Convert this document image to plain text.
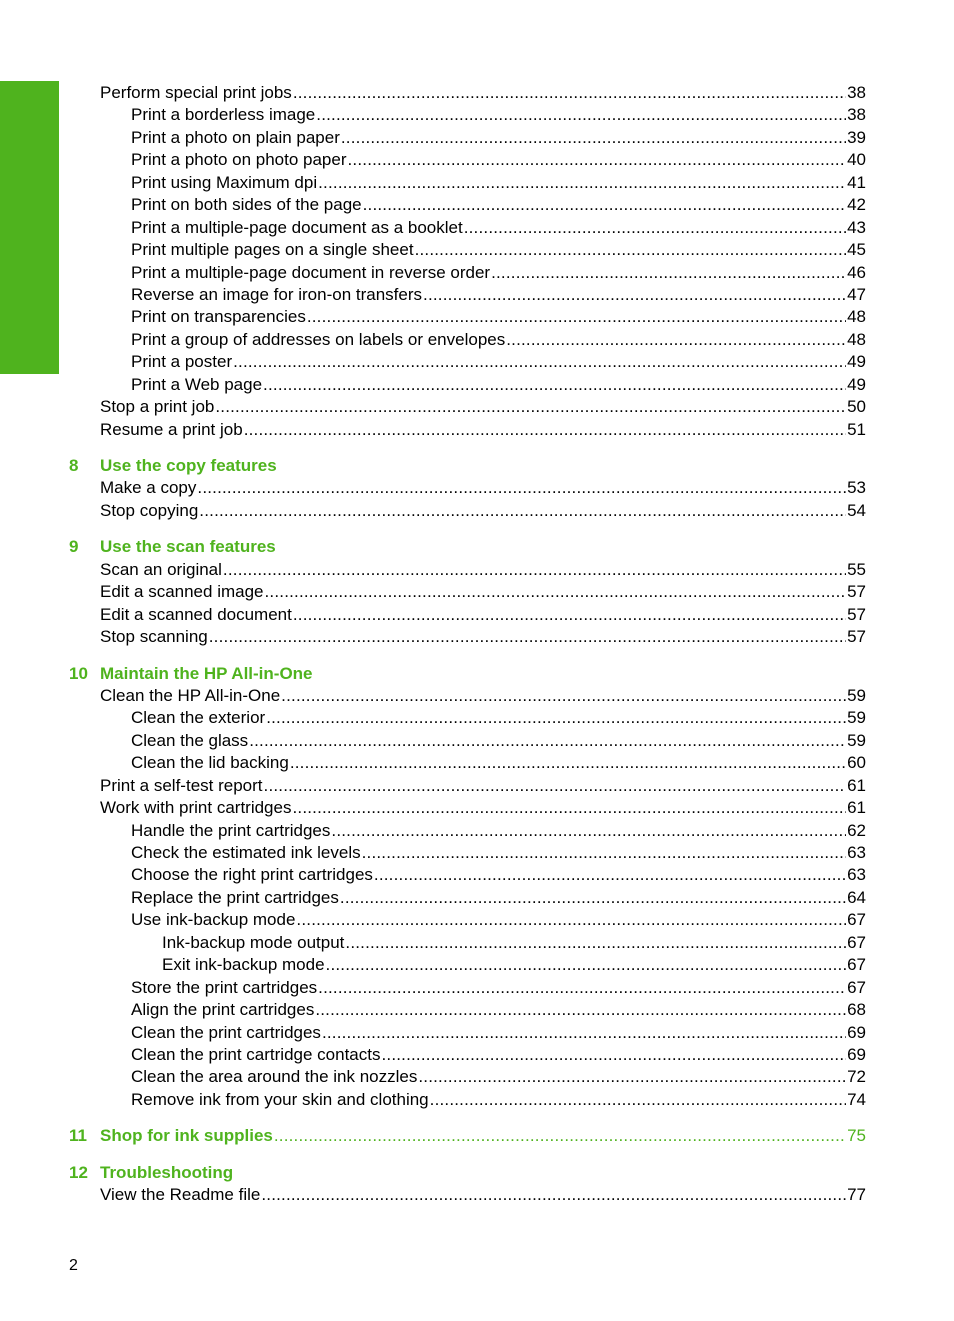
Contents
Perform special print jobs .....	38
Print a borderless image .....	38
Print a photo on plain paper .....	39
Print a photo on photo paper .....	40
Print using Maximum dpi .....	41
Print on both sides of the page .....	42
Print a multiple-page document as a booklet .....	43
Print multiple pages on a single sheet .....	45
Print a multiple-page document in reverse order .....	46
Reverse an image for iron-on transfers .....	47
Print on transparencies .....	48
Print a group of addresses on labels or envelopes .....	48
Print a poster .....	49
Print a Web page .....	49
Stop a print job .....	50
Resume a print job .....	51
8	Use the copy features
Make a copy .....	53
Stop copying .....	54
9	Use the scan features
Scan an original .....	55
Edit a scanned image .....	57
Edit a scanned document .....	57
Stop scanning .....	57
10 Maintain the HP All-in-One
Clean the HP All-in-One .....	59
Clean the exterior .....	59
Clean the glass .....	59
Clean the lid backing .....	60
Print a self-test report .....	61
Work with print cartridges .....	61
Handle the print cartridges .....	62
Check the estimated ink levels .....	63
Choose the right print cartridges .....	63
Replace the print cartridges .....	64
Use ink-backup mode .....	67
Ink-backup mode output .....	67
Exit ink-backup mode .....	67
Store the print cartridges .....	67
Align the print cartridges .....	68
Clean the print cartridges .....	69
Clean the print cartridge contacts .....	69
Clean the area around the ink nozzles .....	72
Remove ink from your skin and clothing .....	74
11 Shop for ink supplies .....	75
12 Troubleshooting
View the Readme file .....	77
2
